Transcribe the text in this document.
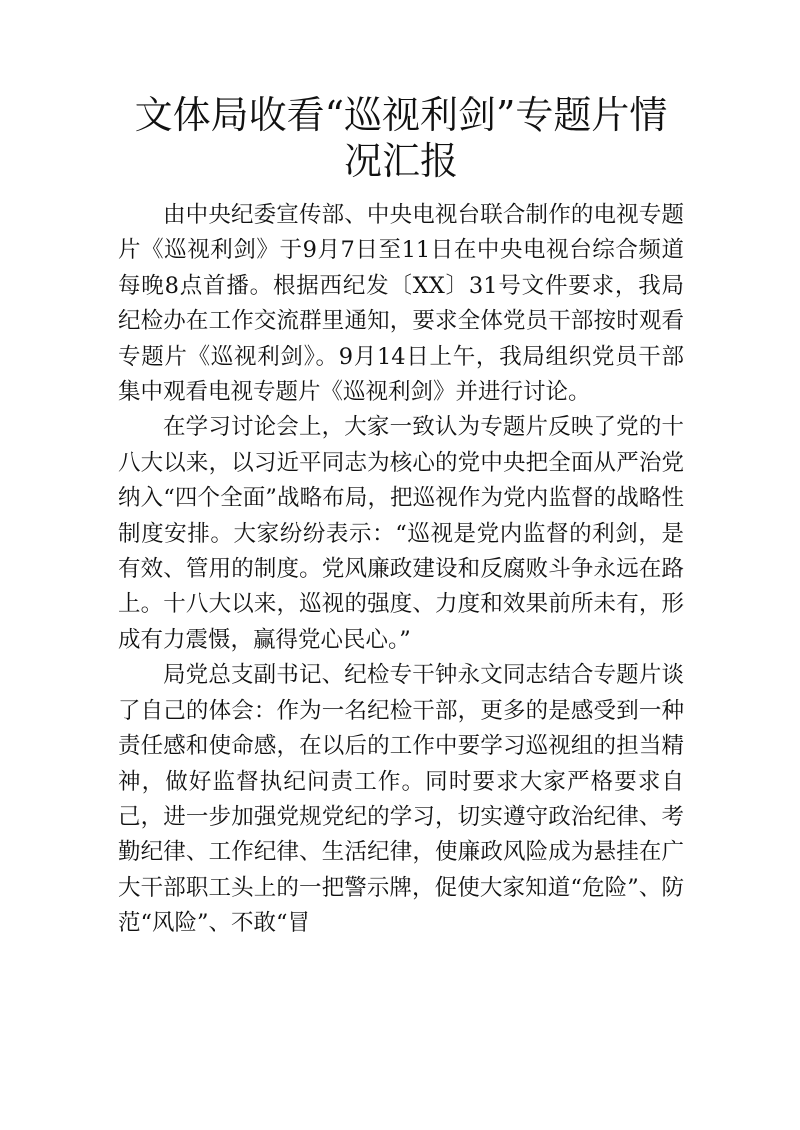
文体局收看“巡视利剑”专题片情况汇报

由中央纪委宣传部、中央电视台联合制作的电视专题片《巡视利剑》于9月7日至11日在中央电视台综合频道每晚8点首播。根据西纪发〔XX〕31号文件要求，我局纪检办在工作交流群里通知，要求全体党员干部按时观看专题片《巡视利剑》。9月14日上午，我局组织党员干部集中观看电视专题片《巡视利剑》并进行讨论。

在学习讨论会上，大家一致认为专题片反映了党的十八大以来，以习近平同志为核心的党中央把全面从严治党纳入“四个全面”战略布局，把巡视作为党内监督的战略性制度安排。大家纷纷表示：“巡视是党内监督的利剑，是有效、管用的制度。党风廉政建设和反腐败斗争永远在路上。十八大以来，巡视的强度、力度和效果前所未有，形成有力震慑，赢得党心民心。”

局党总支副书记、纪检专干钟永文同志结合专题片谈了自己的体会：作为一名纪检干部，更多的是感受到一种责任感和使命感，在以后的工作中要学习巡视组的担当精神，做好监督执纪问责工作。同时要求大家严格要求自己，进一步加强党规党纪的学习，切实遵守政治纪律、考勤纪律、工作纪律、生活纪律，使廉政风险成为悬挂在广大干部职工头上的一把警示牌，促使大家知道“危险”、防范“风险”、不敢“冒
